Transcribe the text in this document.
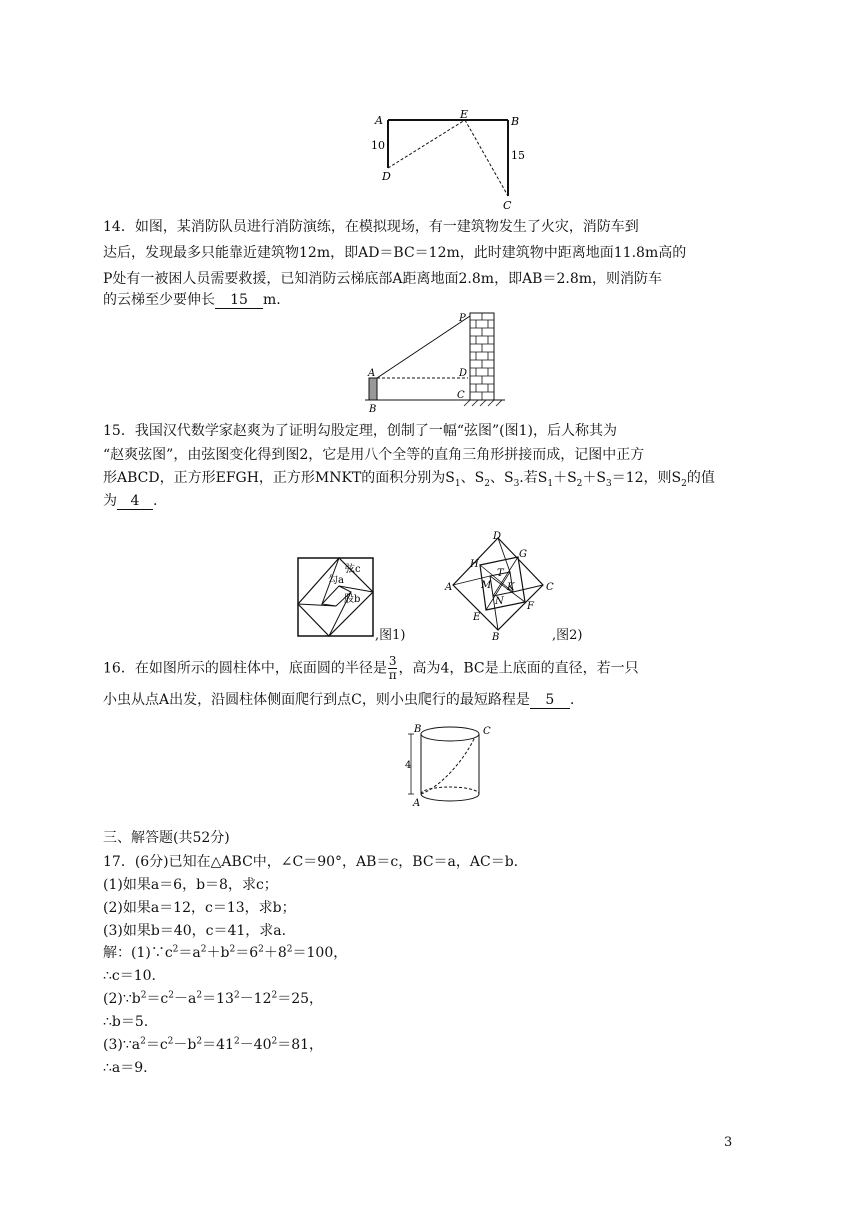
A	B
C
D
E
10
15
14．如图，某消防队员进行消防演练，在模拟现场，有一建筑物发生了火灾，消防车到
达后，发现最多只能靠近建筑物12m，即AD＝BC＝12m，此时建筑物中距离地面11.8m高的
P处有一被困人员需要救援，已知消防云梯底部A距离地面2.8m，即AB＝2.8m，则消防车
的云梯至少要伸长 15 m.
P
A
B
C
D
15．我国汉代数学家赵爽为了证明勾股定理，创制了一幅“弦图”(图1)，后人称其为
“赵爽弦图”，由弦图变化得到图2，它是用八个全等的直角三角形拼接而成，记图中正方
形ABCD，正方形EFGH，正方形MNKT的面积分别为$S_1$、$S_2$、$S_3$.若$S_1+S_2+S_3=12$，则$S_2$的值
为 4 .
弦c
勾a
股b
,图1)
D
A	C
B
H
G
F
E
M
N
K
T
,图2)
16．在如图所示的圆柱体中，底面圆的半径是 $\frac{3}{\pi}$ ，高为4，BC是上底面的直径，若一只
小虫从点A出发，沿圆柱体侧面爬行到点C，则小虫爬行的最短路程是 5 .
B	C
A
4
三、解答题(共52分)
17．(6分)已知在△ABC中，∠C＝90°，AB＝c，BC＝a，AC＝b.
(1)如果a＝6，b＝8，求c；
(2)如果a＝12，c＝13，求b；
(3)如果b＝40，c＝41，求a.
解：$(1)\because c^2=a^2+b^2=6^2+8^2=100$，
∴c＝10.
$(2)\because b^2=c^2-a^2=13^2-12^2=25$，
∴b＝5.
$(3)\because a^2=c^2-b^2=41^2-40^2=81$，
∴a＝9.
3
